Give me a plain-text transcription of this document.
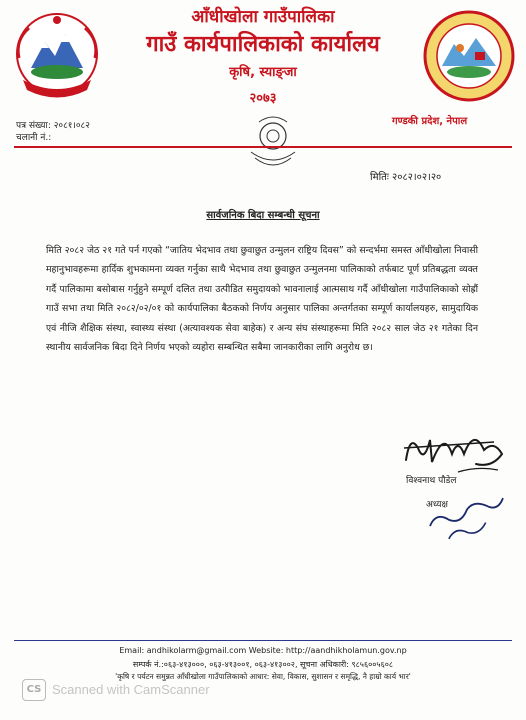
आँधीखोला गाउँपालिका
गाउँ कार्यपालिकाको कार्यालय
कृषि, स्याङ्जा
२०७३
गण्डकी प्रदेश, नेपाल
पत्र संख्या: २०८१।०८२
चलानी नं.:
मितिः २०८२।०२।२०
सार्वजनिक बिदा सम्बन्धी सूचना
मिति २०८२ जेठ २१ गते पर्न गएको “जातिय भेदभाव तथा छुवाछुत उन्मुलन राष्ट्रिय दिवस” को सन्दर्भमा समस्त आँधीखोला निवासी महानुभावहरूमा हार्दिक शुभकामना व्यक्त गर्नुका साथै भेदभाव तथा छुवाछुत उन्मुलनमा पालिकाको तर्फबाट पूर्ण प्रतिबद्धता व्यक्त गर्दै पालिकामा बसोबास गर्नुहुने सम्पूर्ण दलित तथा उत्पीडित समुदायको भावनालाई आत्मसाथ गर्दै आँधीखोला गाउँपालिकाको सोह्रौं गाउँ सभा तथा मिति २०८२/०२/०१ को कार्यपालिका बैठकको निर्णय अनुसार पालिका अन्तर्गतका सम्पूर्ण कार्यालयहरु, सामुदायिक एवं नीजि शैक्षिक संस्था, स्वास्थ्य संस्था (अत्यावश्यक सेवा बाहेक) र अन्य संघ संस्थाहरूमा मिति २०८२ साल जेठ २१ गतेका दिन स्थानीय सार्वजनिक बिदा दिने निर्णय भएको व्यहोरा सम्बन्धित सबैमा जानकारीका लागि अनुरोध छ।
विश्वनाथ पौडेल
अध्यक्ष
Email: andhikolarm@gmail.com Website: http://aandhikholamun.gov.np
सम्पर्क नं.:०६३-४१३०००, ०६३-४१३००१, ०६३-४१३००२, सूचना अधिकारी: ९८५६००५६०८
'कृषि र पर्यटन समुन्नत आँधीखोला गाउँपालिकाको आधार: सेवा, विकास, सुशासन र समृद्धि, नै हाम्रो कार्य भार'
CS Scanned with CamScanner
